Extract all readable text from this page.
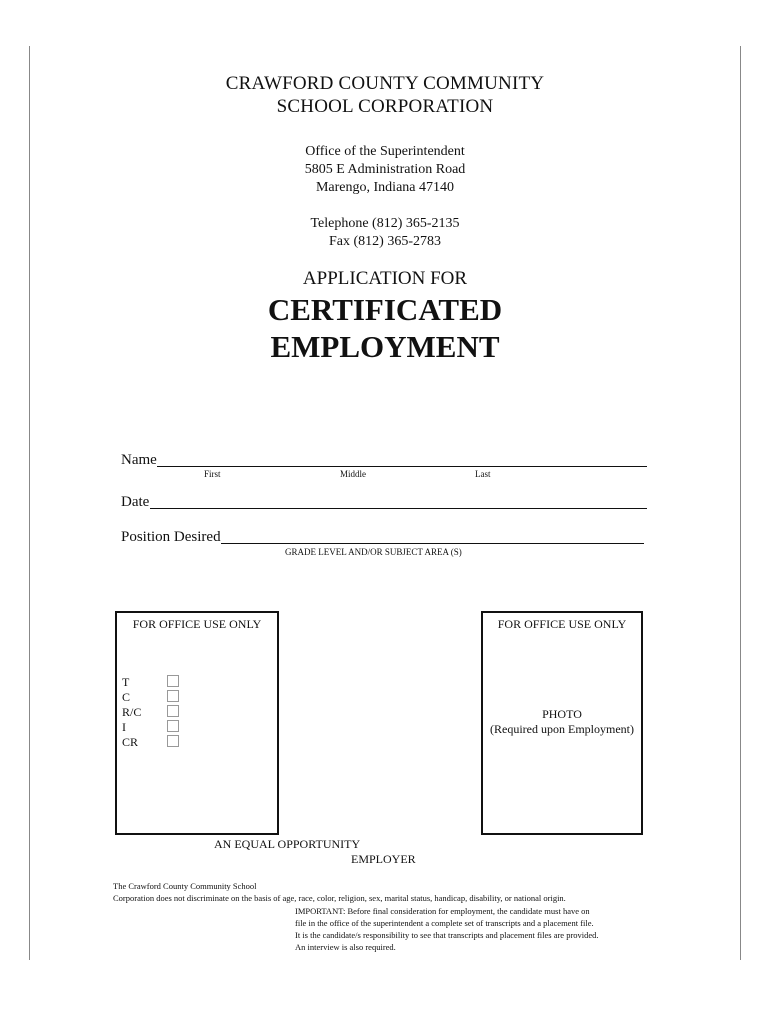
CRAWFORD COUNTY COMMUNITY
SCHOOL CORPORATION
Office of the Superintendent
5805 E Administration Road
Marengo, Indiana 47140
Telephone (812) 365-2135
Fax (812) 365-2783
APPLICATION FOR
CERTIFICATED
EMPLOYMENT
Name
First	Middle	Last
Date
Position Desired
GRADE LEVEL AND/OR SUBJECT AREA (S)
FOR OFFICE USE ONLY
T
C
R/C
I
CR
FOR OFFICE USE ONLY
PHOTO
(Required upon Employment)
AN EQUAL OPPORTUNITY
EMPLOYER
The Crawford County Community School
Corporation does not discriminate on the basis of age, race, color, religion, sex, marital status, handicap, disability, or national origin.
IMPORTANT: Before final consideration for employment, the candidate must have on
file in the office of the superintendent a complete set of transcripts and a placement file.
It is the candidate/s responsibility to see that transcripts and placement files are provided.
An interview is also required.
